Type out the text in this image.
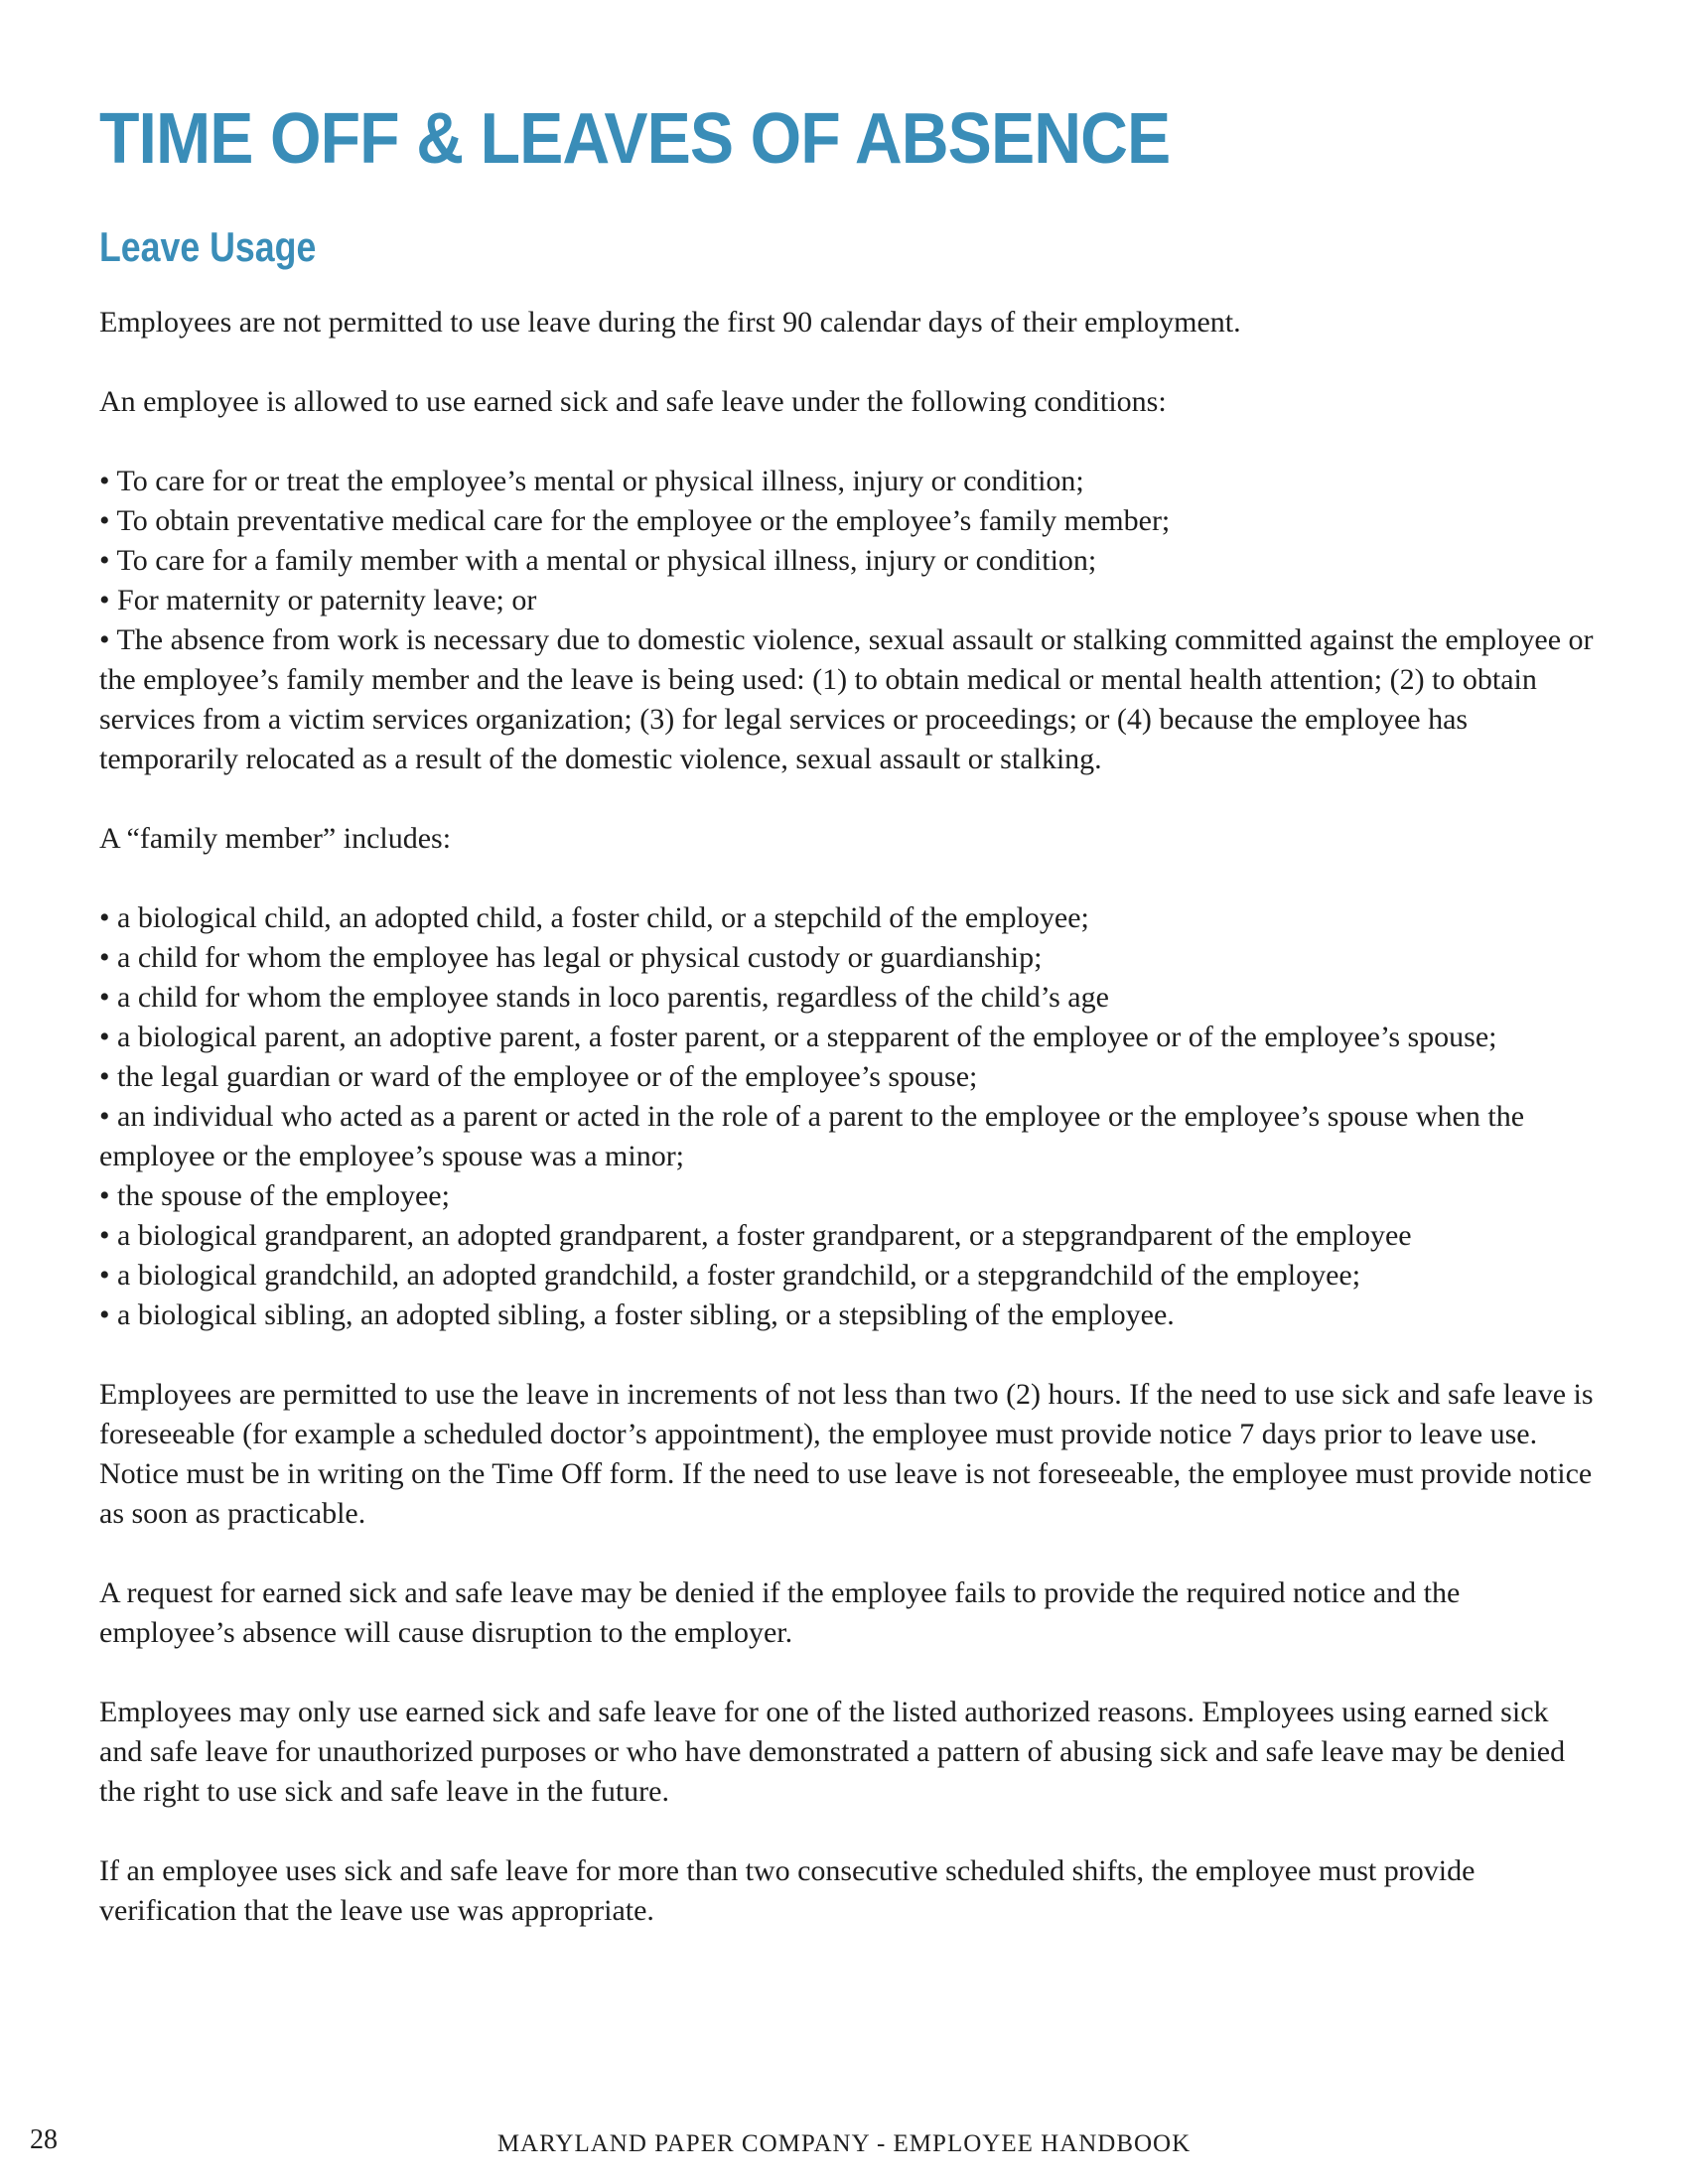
TIME OFF & LEAVES OF ABSENCE
Leave Usage

Employees are not permitted to use leave during the first 90 calendar days of their employment.

An employee is allowed to use earned sick and safe leave under the following conditions:

• To care for or treat the employee’s mental or physical illness, injury or condition;
• To obtain preventative medical care for the employee or the employee’s family member;
• To care for a family member with a mental or physical illness, injury or condition;
• For maternity or paternity leave; or
• The absence from work is necessary due to domestic violence, sexual assault or stalking committed against the employee or the employee’s family member and the leave is being used: (1) to obtain medical or mental health attention; (2) to obtain services from a victim services organization; (3) for legal services or proceedings; or (4) because the employee has temporarily relocated as a result of the domestic violence, sexual assault or stalking.

A “family member” includes:

• a biological child, an adopted child, a foster child, or a stepchild of the employee;
• a child for whom the employee has legal or physical custody or guardianship;
• a child for whom the employee stands in loco parentis, regardless of the child’s age
• a biological parent, an adoptive parent, a foster parent, or a stepparent of the employee or of the employee’s spouse;
• the legal guardian or ward of the employee or of the employee’s spouse;
• an individual who acted as a parent or acted in the role of a parent to the employee or the employee’s spouse when the employee or the employee’s spouse was a minor;
• the spouse of the employee;
• a biological grandparent, an adopted grandparent, a foster grandparent, or a stepgrandparent of the employee
• a biological grandchild, an adopted grandchild, a foster grandchild, or a stepgrandchild of the employee;
• a biological sibling, an adopted sibling, a foster sibling, or a stepsibling of the employee.

Employees are permitted to use the leave in increments of not less than two (2) hours. If the need to use sick and safe leave is foreseeable (for example a scheduled doctor’s appointment), the employee must provide notice 7 days prior to leave use. Notice must be in writing on the Time Off form. If the need to use leave is not foreseeable, the employee must provide notice as soon as practicable.

A request for earned sick and safe leave may be denied if the employee fails to provide the required notice and the employee’s absence will cause disruption to the employer.

Employees may only use earned sick and safe leave for one of the listed authorized reasons. Employees using earned sick and safe leave for unauthorized purposes or who have demonstrated a pattern of abusing sick and safe leave may be denied the right to use sick and safe leave in the future.

If an employee uses sick and safe leave for more than two consecutive scheduled shifts, the employee must provide verification that the leave use was appropriate.

28	MARYLAND PAPER COMPANY - EMPLOYEE HANDBOOK
